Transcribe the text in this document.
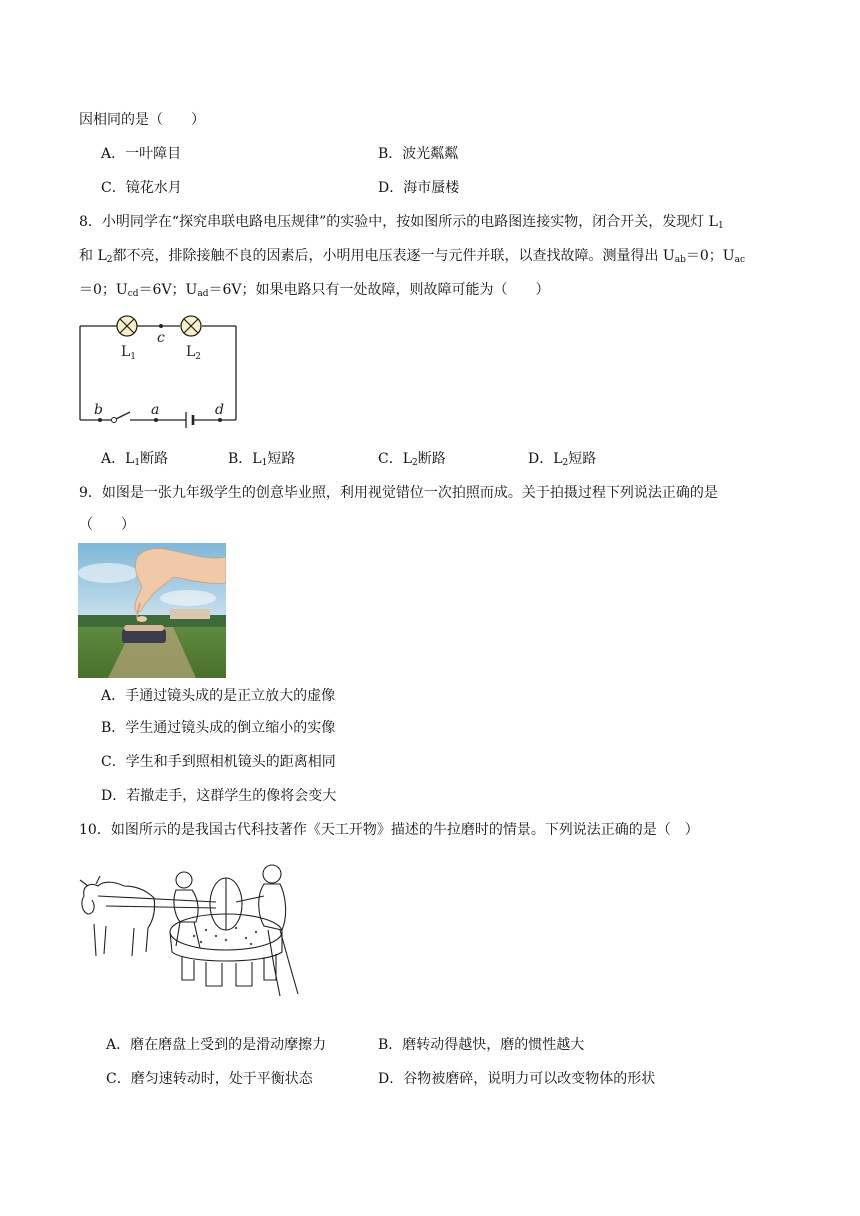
因相同的是（　　）
A．一叶障目	B．波光粼粼
C．镜花水月	D．海市蜃楼
8．小明同学在“探究串联电路电压规律”的实验中，按如图所示的电路图连接实物，闭合开关，发现灯 $L_1$
和 $L_2$都不亮，排除接触不良的因素后，小明用电压表逐一与元件并联，以查找故障。测量得出 $U_{ab}=0$；$U_{ac}$
＝0；$U_{cd}=6V$；$U_{ad}=6V$；如果电路只有一处故障，则故障可能为（　　）
$L_1$	$L_2$
c
b	a	d
A．$L_1$断路	B．$L_1$短路	C．$L_2$断路	D．$L_2$短路
9．如图是一张九年级学生的创意毕业照，利用视觉错位一次拍照而成。关于拍摄过程下列说法正确的是
（　　）
A．手通过镜头成的是正立放大的虚像
B．学生通过镜头成的倒立缩小的实像
C．学生和手到照相机镜头的距离相同
D．若撤走手，这群学生的像将会变大
10．如图所示的是我国古代科技著作《天工开物》描述的牛拉磨时的情景。下列说法正确的是（　）
A．磨在磨盘上受到的是滑动摩擦力	B．磨转动得越快，磨的惯性越大
C．磨匀速转动时，处于平衡状态	D．谷物被磨碎，说明力可以改变物体的形状
